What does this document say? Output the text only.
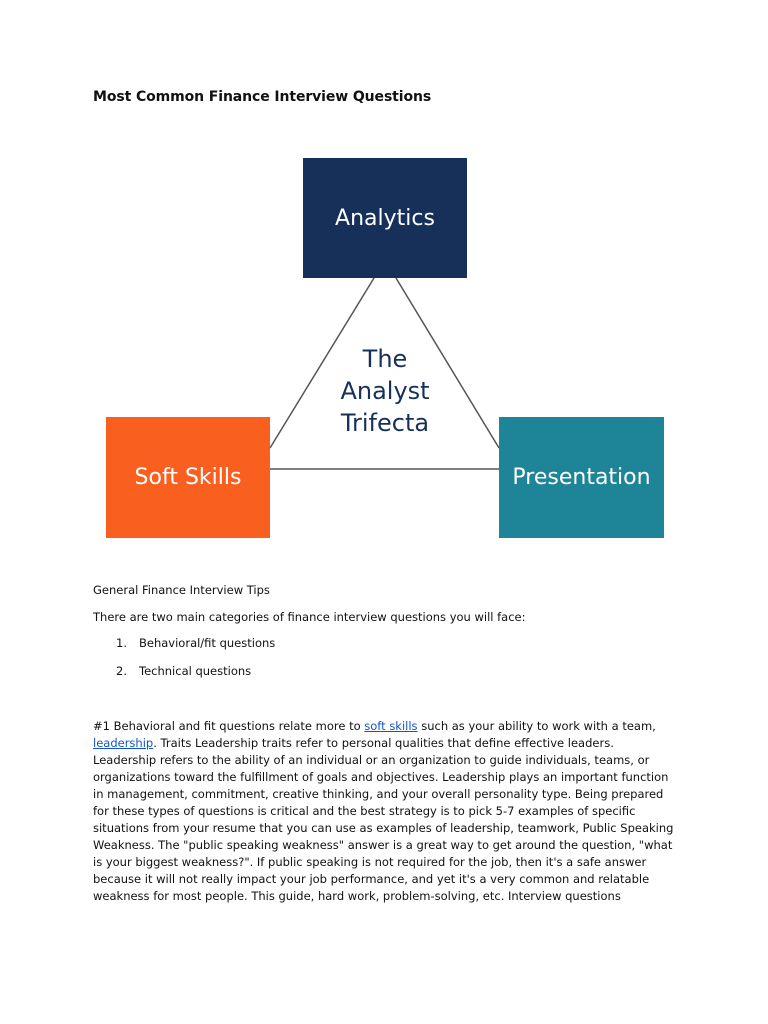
Most Common Finance Interview Questions
Analytics
Soft Skills	Presentation
The
Analyst
Trifecta
General Finance Interview Tips
There are two main categories of finance interview questions you will face:
1.	Behavioral/fit questions
2.	Technical questions
#1 Behavioral and fit questions relate more to soft skills such as your ability to work with a team, leadership. Traits Leadership traits refer to personal qualities that define effective leaders. Leadership refers to the ability of an individual or an organization to guide individuals, teams, or organizations toward the fulfillment of goals and objectives. Leadership plays an important function in management, commitment, creative thinking, and your overall personality type. Being prepared for these types of questions is critical and the best strategy is to pick 5-7 examples of specific situations from your resume that you can use as examples of leadership, teamwork, Public Speaking Weakness. The "public speaking weakness" answer is a great way to get around the question, "what is your biggest weakness?". If public speaking is not required for the job, then it's a safe answer because it will not really impact your job performance, and yet it's a very common and relatable weakness for most people. This guide, hard work, problem-solving, etc. Interview questions
